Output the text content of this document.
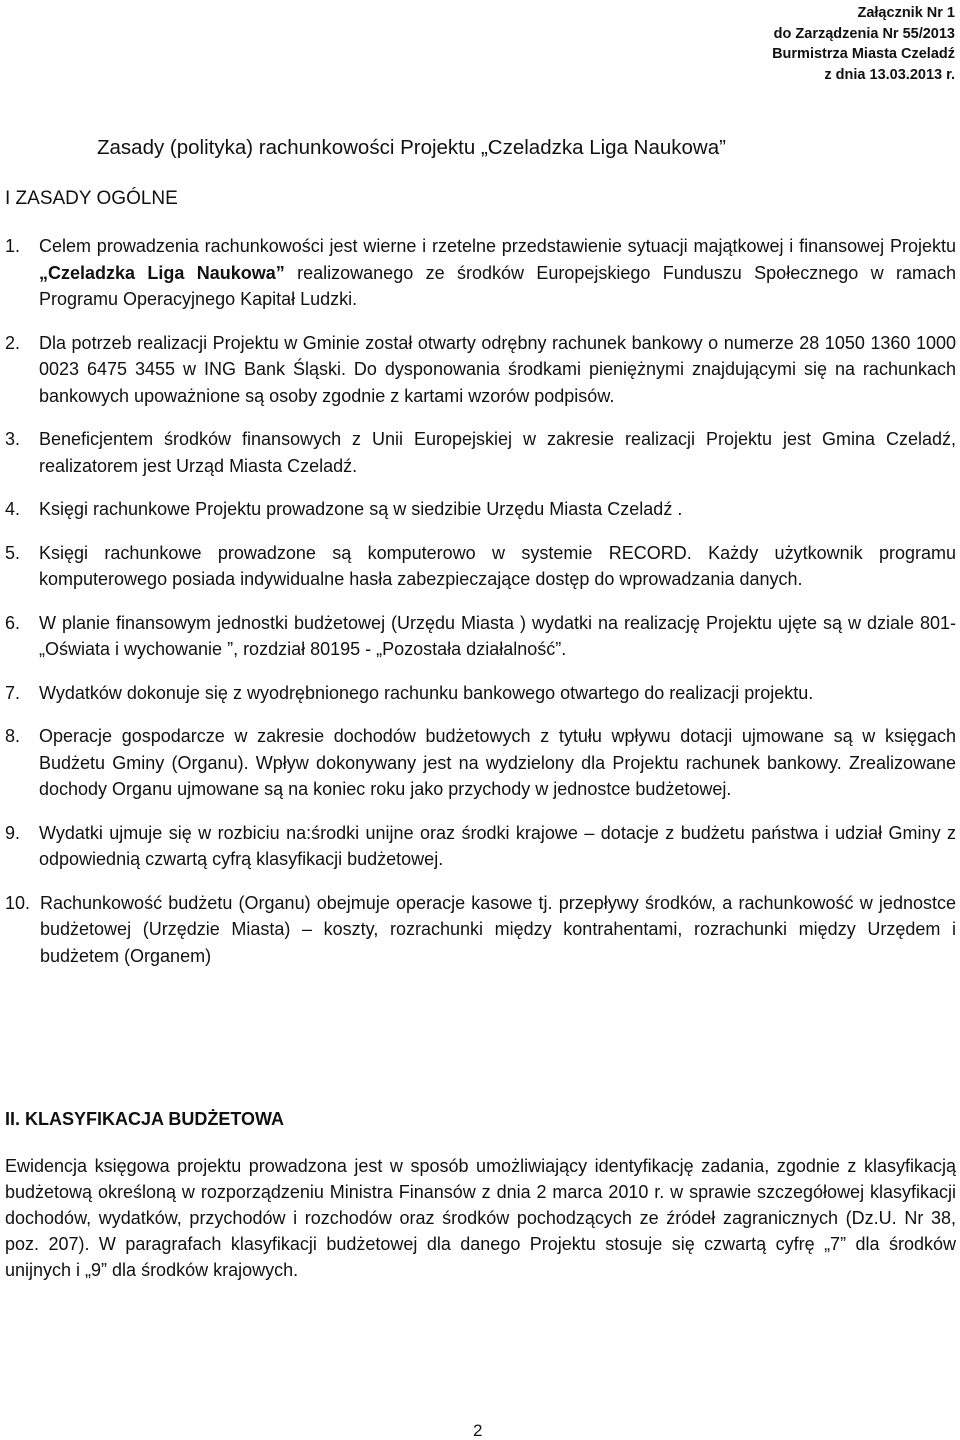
Załącznik Nr 1
do Zarządzenia Nr 55/2013
Burmistrza Miasta Czeladź
z dnia 13.03.2013 r.
Zasady (polityka) rachunkowości Projektu „Czeladzka Liga Naukowa”
I ZASADY OGÓLNE
1.	Celem prowadzenia rachunkowości jest wierne i rzetelne przedstawienie sytuacji majątkowej i finansowej Projektu „Czeladzka Liga Naukowa” realizowanego ze środków Europejskiego Funduszu Społecznego w ramach Programu Operacyjnego Kapitał Ludzki.
2.	Dla potrzeb realizacji Projektu w Gminie został otwarty odrębny rachunek bankowy o numerze 28 1050 1360 1000 0023 6475 3455 w ING Bank Śląski. Do dysponowania środkami pieniężnymi znajdującymi się na rachunkach bankowych upoważnione są osoby zgodnie z kartami wzorów podpisów.
3.	Beneficjentem środków finansowych z Unii Europejskiej w zakresie realizacji Projektu jest Gmina Czeladź, realizatorem jest Urząd Miasta Czeladź.
4.	Księgi rachunkowe Projektu prowadzone są w siedzibie Urzędu Miasta Czeladź .
5.	Księgi rachunkowe prowadzone są komputerowo w systemie RECORD. Każdy użytkownik programu komputerowego posiada indywidualne hasła zabezpieczające dostęp do wprowadzania danych.
6.	W planie finansowym jednostki budżetowej (Urzędu Miasta ) wydatki na realizację Projektu ujęte są w dziale 801- „Oświata i wychowanie ”, rozdział 80195 - „Pozostała działalność”.
7.	Wydatków dokonuje się z wyodrębnionego rachunku bankowego otwartego do realizacji projektu.
8.	Operacje gospodarcze w zakresie dochodów budżetowych z tytułu wpływu dotacji ujmowane są w księgach Budżetu Gminy (Organu). Wpływ dokonywany jest na wydzielony dla Projektu rachunek bankowy. Zrealizowane dochody Organu ujmowane są na koniec roku jako przychody w jednostce budżetowej.
9.	Wydatki ujmuje się w rozbiciu na:środki unijne oraz środki krajowe – dotacje z budżetu państwa i udział Gminy z odpowiednią czwartą cyfrą klasyfikacji budżetowej.
10. Rachunkowość budżetu (Organu) obejmuje operacje kasowe tj. przepływy środków, a rachunkowość w jednostce budżetowej (Urzędzie Miasta) – koszty, rozrachunki między kontrahentami, rozrachunki między Urzędem i budżetem (Organem)
II. KLASYFIKACJA BUDŻETOWA
Ewidencja księgowa projektu prowadzona jest w sposób umożliwiający identyfikację zadania, zgodnie z klasyfikacją budżetową określoną w rozporządzeniu Ministra Finansów z dnia 2 marca 2010 r. w sprawie szczegółowej klasyfikacji dochodów, wydatków, przychodów i rozchodów oraz środków pochodzących ze źródeł zagranicznych (Dz.U. Nr 38, poz. 207). W paragrafach klasyfikacji budżetowej dla danego Projektu stosuje się czwartą cyfrę „7” dla środków unijnych i „9” dla środków krajowych.
2
